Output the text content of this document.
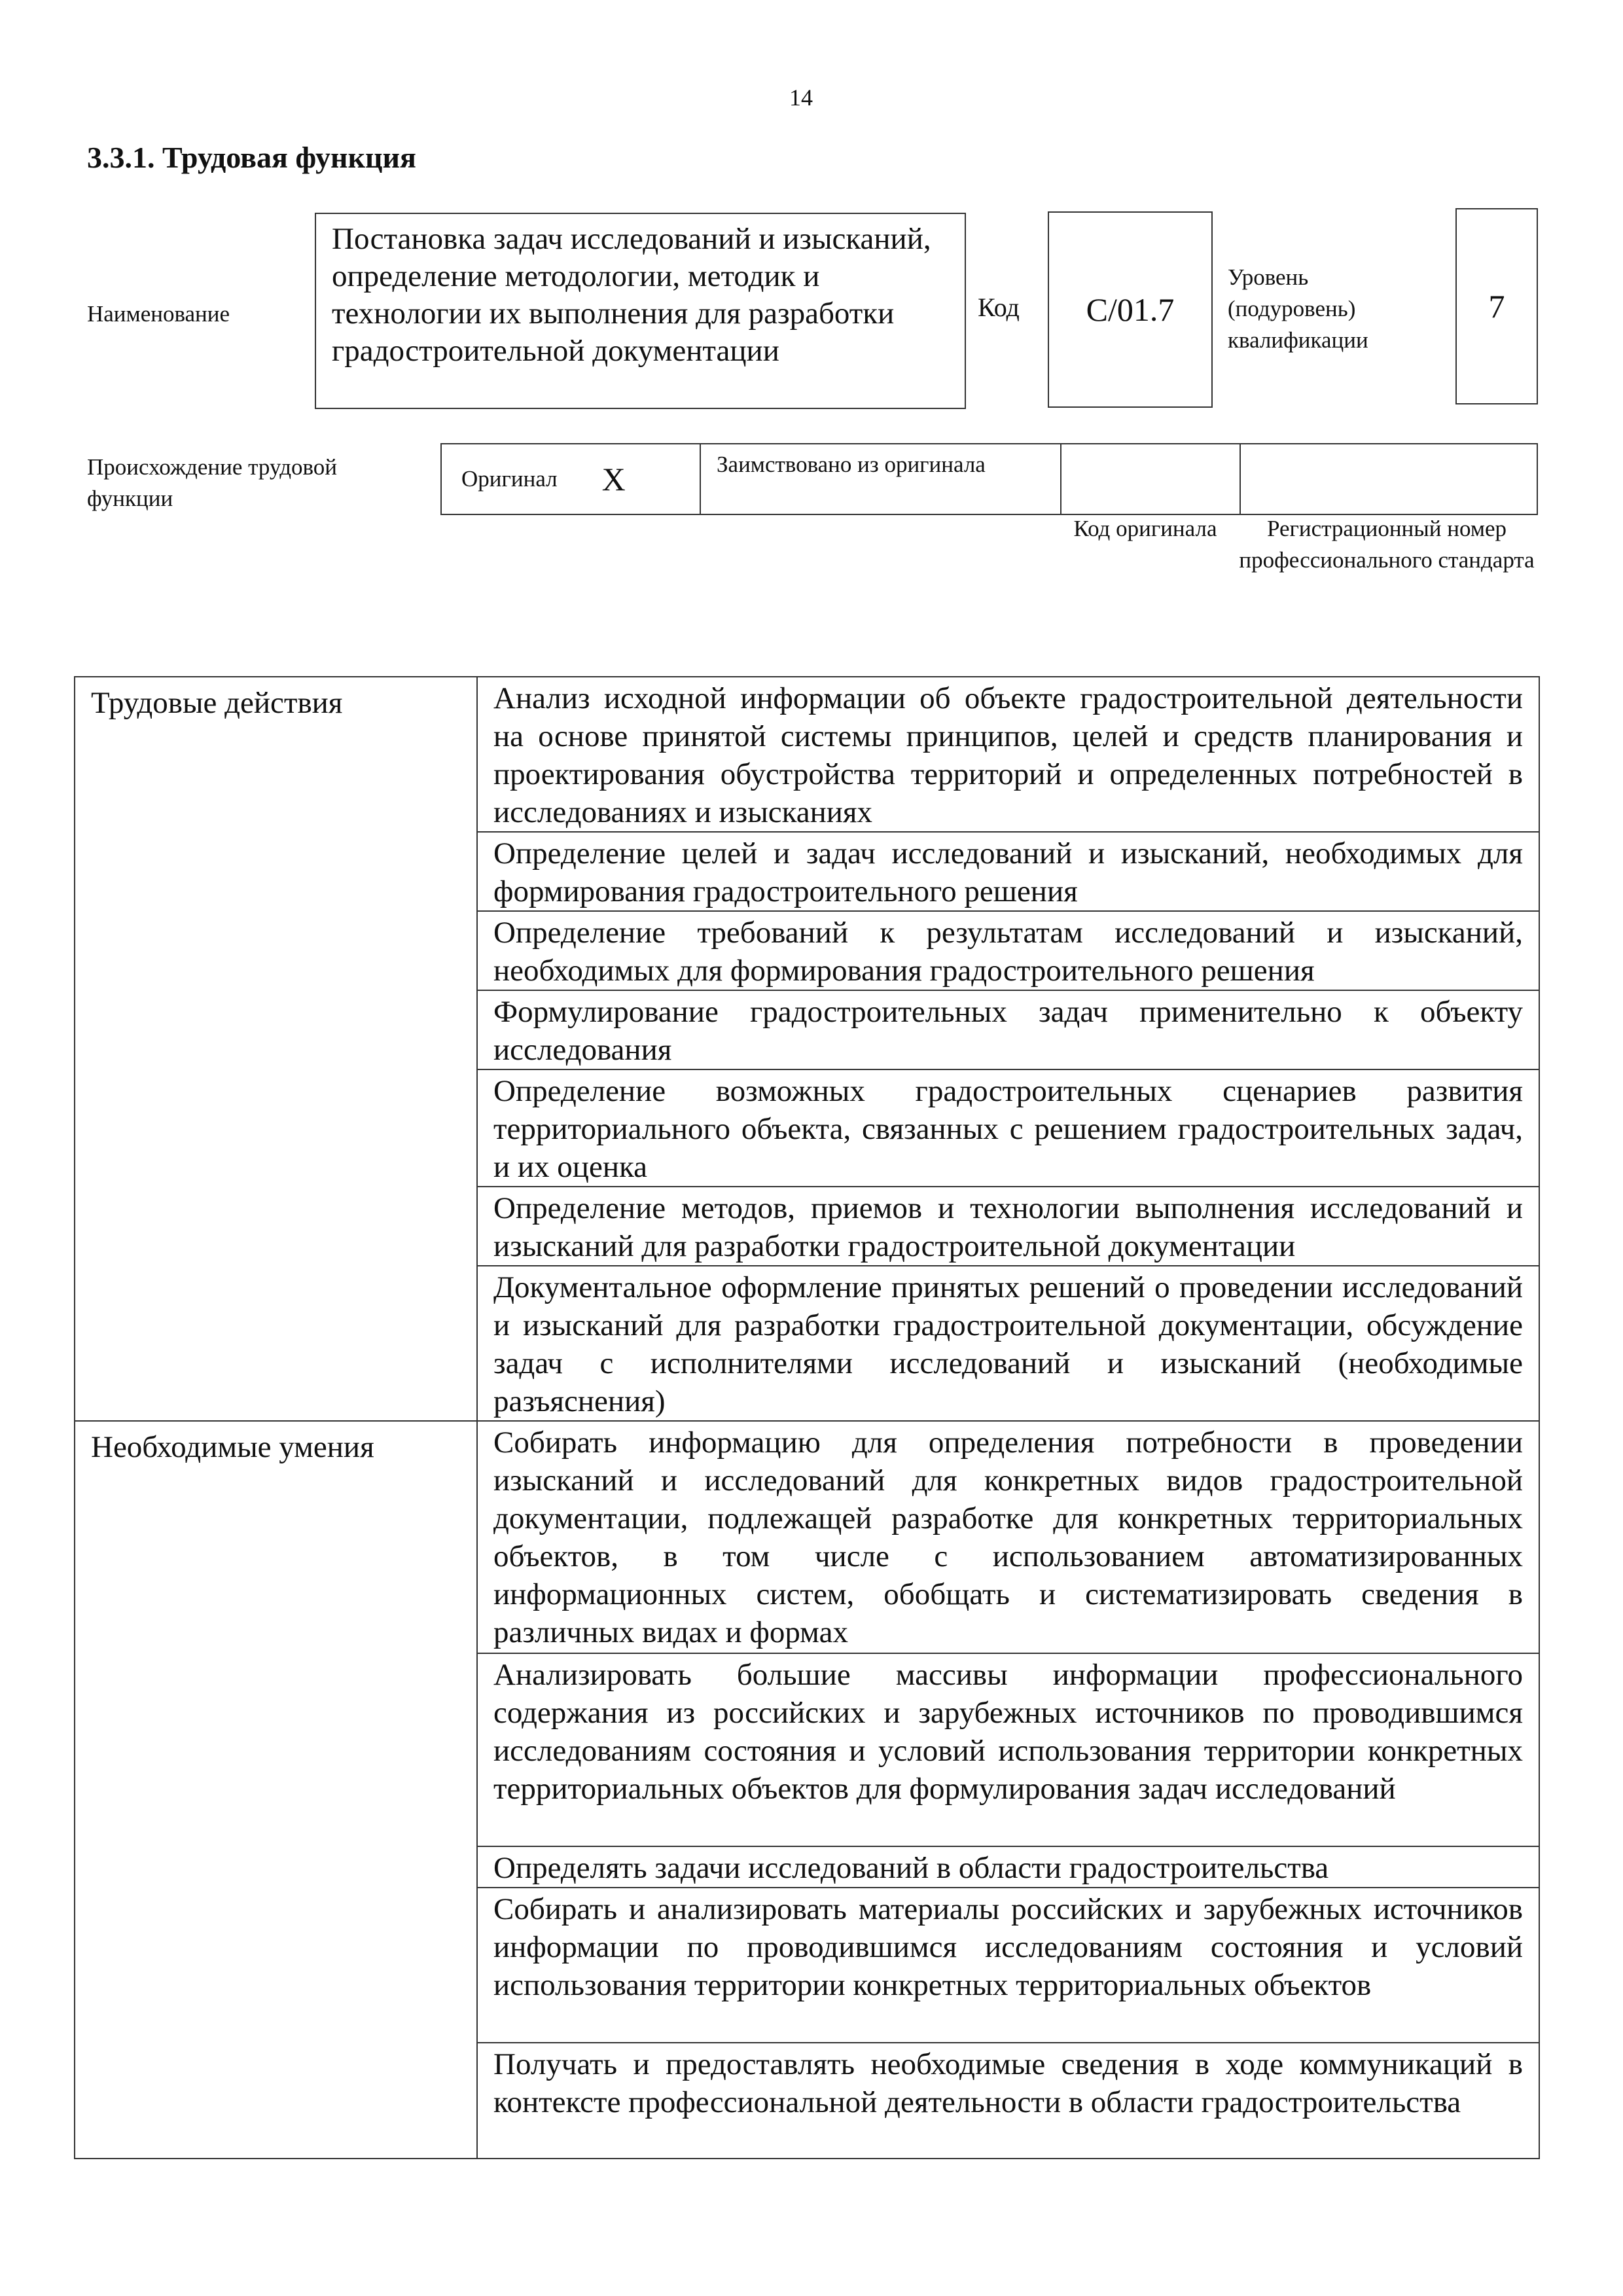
14
3.3.1. Трудовая функция
Наименование
Постановка задач исследований и изысканий, определение методологии, методик и технологии их выполнения для разработки градостроительной документации
Код C/01.7
Уровень (подуровень) квалификации
7
Происхождение трудовой функции
Оригинал X	Заимствовано из оригинала
Код оригинала	Регистрационный номер профессионального стандарта
Трудовые действия	Анализ исходной информации об объекте градостроительной деятельности на основе принятой системы принципов, целей и средств планирования и проектирования обустройства территорий и определенных потребностей в исследованиях и изысканиях
	Определение целей и задач исследований и изысканий, необходимых для формирования градостроительного решения
	Определение требований к результатам исследований и изысканий, необходимых для формирования градостроительного решения
	Формулирование градостроительных задач применительно к объекту исследования
	Определение возможных градостроительных сценариев развития территориального объекта, связанных с решением градостроительных задач, и их оценка
	Определение методов, приемов и технологии выполнения исследований и изысканий для разработки градостроительной документации
	Документальное оформление принятых решений о проведении исследований и изысканий для разработки градостроительной документации, обсуждение задач с исполнителями исследований и изысканий (необходимые разъяснения)
Необходимые умения	Собирать информацию для определения потребности в проведении изысканий и исследований для конкретных видов градостроительной документации, подлежащей разработке для конкретных территориальных объектов, в том числе с использованием автоматизированных информационных систем, обобщать и систематизировать сведения в различных видах и формах
	Анализировать большие массивы информации профессионального содержания из российских и зарубежных источников по проводившимся исследованиям состояния и условий использования территории конкретных территориальных объектов для формулирования задач исследований
	Определять задачи исследований в области градостроительства
	Собирать и анализировать материалы российских и зарубежных источников информации по проводившимся исследованиям состояния и условий использования территории конкретных территориальных объектов
	Получать и предоставлять необходимые сведения в ходе коммуникаций в контексте профессиональной деятельности в области градостроительства
